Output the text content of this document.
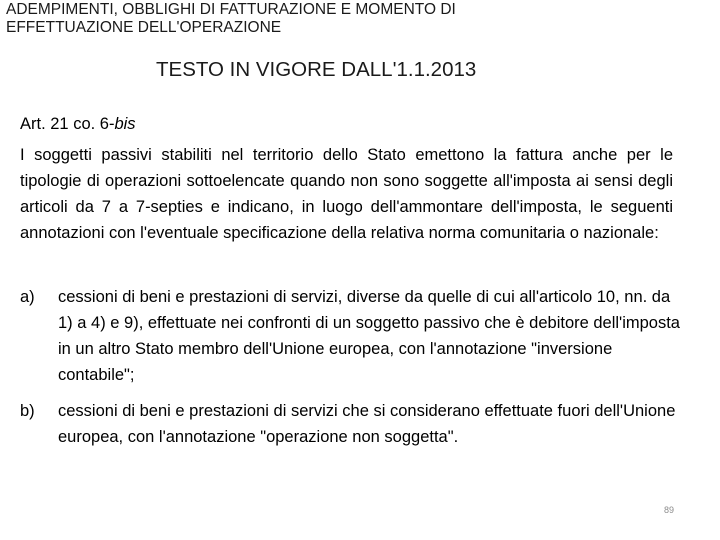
ADEMPIMENTI, OBBLIGHI DI FATTURAZIONE E MOMENTO DI
EFFETTUAZIONE DELL'OPERAZIONE
TESTO IN VIGORE DALL'1.1.2013
Art. 21 co. 6-bis
I soggetti passivi stabiliti nel territorio dello Stato emettono la fattura anche per le tipologie di operazioni sottoelencate quando non sono soggette all'imposta ai sensi degli articoli da 7 a 7-septies e indicano, in luogo dell'ammontare dell'imposta, le seguenti annotazioni con l'eventuale specificazione della relativa norma comunitaria o nazionale:
a)	cessioni di beni e prestazioni di servizi, diverse da quelle di cui all'articolo 10, nn. da 1) a 4) e 9), effettuate nei confronti di un soggetto passivo che è debitore dell'imposta in un altro Stato membro dell'Unione europea, con l'annotazione "inversione contabile";
b)	cessioni di beni e prestazioni di servizi che si considerano effettuate fuori dell'Unione europea, con l'annotazione "operazione non soggetta".
89
